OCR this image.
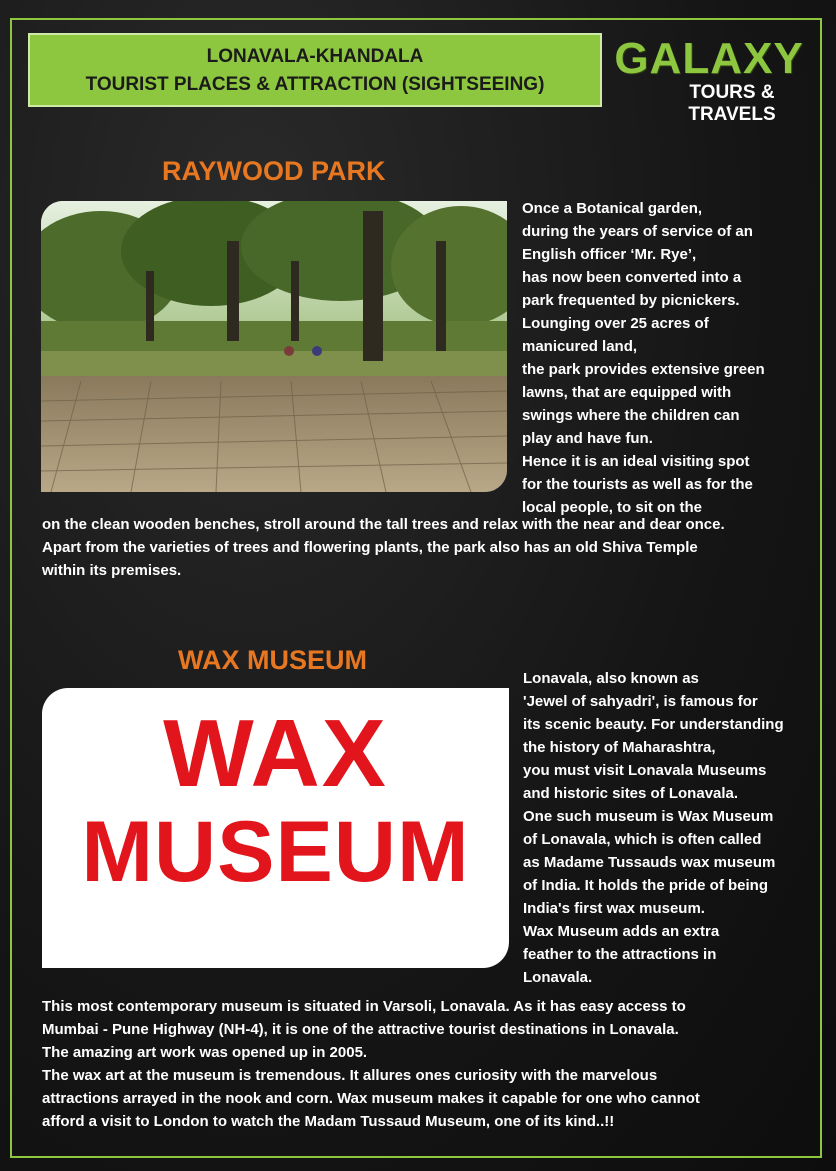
LONAVALA-KHANDALA
TOURIST PLACES & ATTRACTION (SIGHTSEEING)
GALAXY
TOURS &
TRAVELS
RAYWOOD PARK
Once a Botanical garden,
during the years of service of an
English officer ‘Mr. Rye’,
has now been converted into a
park frequented by picnickers.
Lounging over 25 acres of
manicured land,
the park provides extensive green
lawns, that are equipped with
swings where the children can
play and have fun.
Hence it is an ideal visiting spot
for the tourists as well as for the
local people, to sit on the
on the clean wooden benches, stroll around the tall trees and relax with the near and dear once.
Apart from the varieties of trees and flowering plants, the park also has an old Shiva Temple
within its premises.
WAX MUSEUM
WAX
MUSEUM
Lonavala, also known as
'Jewel of sahyadri', is famous for
its scenic beauty. For understanding
the history of Maharashtra,
you must visit Lonavala Museums
and historic sites of Lonavala.
One such museum is Wax Museum
of Lonavala, which is often called
as Madame Tussauds wax museum
of India. It holds the pride of being
India's first wax museum.
Wax Museum adds an extra
feather to the attractions in
Lonavala.
This most contemporary museum is situated in Varsoli, Lonavala. As it has easy access to
Mumbai - Pune Highway (NH-4), it is one of the attractive tourist destinations in Lonavala.
The amazing art work was opened up in 2005.
The wax art at the museum is tremendous. It allures ones curiosity with the marvelous
attractions arrayed in the nook and corn. Wax museum makes it capable for one who cannot
afford a visit to London to watch the Madam Tussaud Museum, one of its kind..!!
